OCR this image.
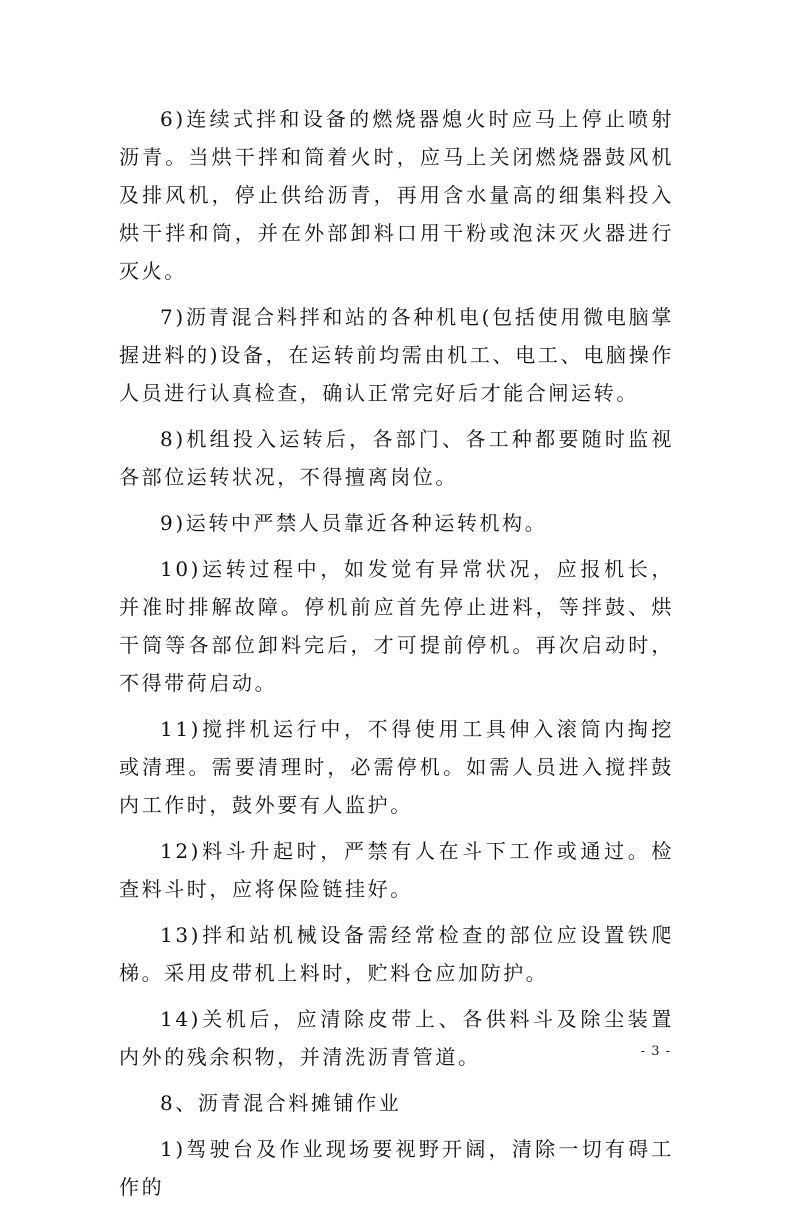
6)连续式拌和设备的燃烧器熄火时应马上停止喷射沥青。当烘干拌和筒着火时，应马上关闭燃烧器鼓风机及排风机，停止供给沥青，再用含水量高的细集料投入烘干拌和筒，并在外部卸料口用干粉或泡沫灭火器进行灭火。

7)沥青混合料拌和站的各种机电(包括使用微电脑掌握进料的)设备，在运转前均需由机工、电工、电脑操作人员进行认真检查，确认正常完好后才能合闸运转。

8)机组投入运转后，各部门、各工种都要随时监视各部位运转状况，不得擅离岗位。

9)运转中严禁人员靠近各种运转机构。

10)运转过程中，如发觉有异常状况，应报机长，并准时排解故障。停机前应首先停止进料，等拌鼓、烘干筒等各部位卸料完后，才可提前停机。再次启动时，不得带荷启动。

11)搅拌机运行中，不得使用工具伸入滚筒内掏挖或清理。需要清理时，必需停机。如需人员进入搅拌鼓内工作时，鼓外要有人监护。

12)料斗升起时，严禁有人在斗下工作或通过。检查料斗时，应将保险链挂好。

13)拌和站机械设备需经常检查的部位应设置铁爬梯。采用皮带机上料时，贮料仓应加防护。

14)关机后，应清除皮带上、各供料斗及除尘装置内外的残余积物，并清洗沥青管道。

8、沥青混合料摊铺作业

1)驾驶台及作业现场要视野开阔，清除一切有碍工作的

- 3 -
